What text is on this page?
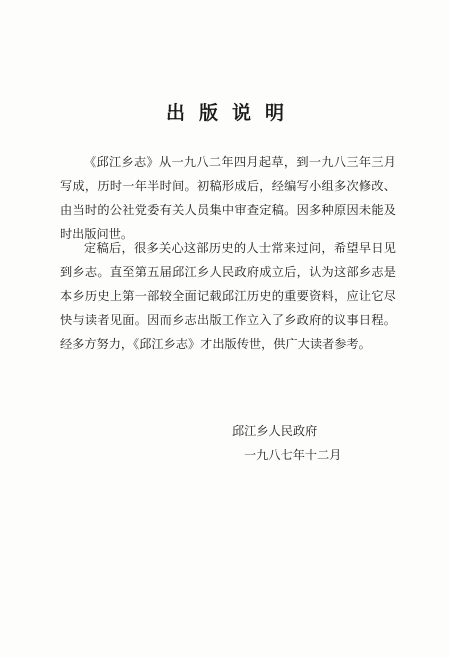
出版说明

《邱江乡志》从一九八二年四月起草，到一九八三年三月写成，历时一年半时间。初稿形成后，经编写小组多次修改、由当时的公社党委有关人员集中审查定稿。因多种原因未能及时出版问世。

定稿后，很多关心这部历史的人士常来过问，希望早日见到乡志。直至第五届邱江乡人民政府成立后，认为这部乡志是本乡历史上第一部较全面记载邱江历史的重要资料，应让它尽快与读者见面。因而乡志出版工作立入了乡政府的议事日程。经多方努力，《邱江乡志》才出版传世，供广大读者参考。

邱江乡人民政府
一九八七年十二月
